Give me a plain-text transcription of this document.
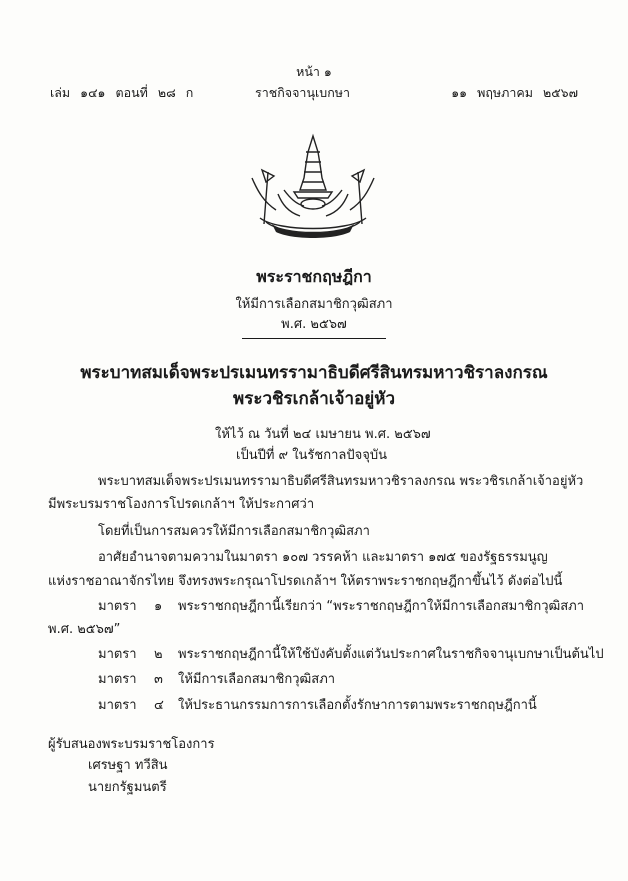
หน้า ๑
เล่ม ๑๔๑ ตอนที่ ๒๘ ก	ราชกิจจานุเบกษา	๑๑ พฤษภาคม ๒๕๖๗
พระราชกฤษฎีกา
ให้มีการเลือกสมาชิกวุฒิสภา
พ.ศ. ๒๕๖๗
พระบาทสมเด็จพระปรเมนทรรามาธิบดีศรีสินทรมหาวชิราลงกรณ
พระวชิรเกล้าเจ้าอยู่หัว
ให้ไว้ ณ วันที่ ๒๔ เมษายน พ.ศ. ๒๕๖๗
เป็นปีที่ ๙ ในรัชกาลปัจจุบัน
พระบาทสมเด็จพระปรเมนทรรามาธิบดีศรีสินทรมหาวชิราลงกรณ พระวชิรเกล้าเจ้าอยู่หัว
มีพระบรมราชโองการโปรดเกล้าฯ ให้ประกาศว่า
โดยที่เป็นการสมควรให้มีการเลือกสมาชิกวุฒิสภา
อาศัยอำนาจตามความในมาตรา ๑๐๗ วรรคห้า และมาตรา ๑๗๕ ของรัฐธรรมนูญ
แห่งราชอาณาจักรไทย จึงทรงพระกรุณาโปรดเกล้าฯ ให้ตราพระราชกฤษฎีกาขึ้นไว้ ดังต่อไปนี้
มาตรา ๑ พระราชกฤษฎีกานี้เรียกว่า “พระราชกฤษฎีกาให้มีการเลือกสมาชิกวุฒิสภา
พ.ศ. ๒๕๖๗”
มาตรา ๒ พระราชกฤษฎีกานี้ให้ใช้บังคับตั้งแต่วันประกาศในราชกิจจานุเบกษาเป็นต้นไป
มาตรา ๓ ให้มีการเลือกสมาชิกวุฒิสภา
มาตรา ๔ ให้ประธานกรรมการการเลือกตั้งรักษาการตามพระราชกฤษฎีกานี้
ผู้รับสนองพระบรมราชโองการ
เศรษฐา ทวีสิน
นายกรัฐมนตรี
